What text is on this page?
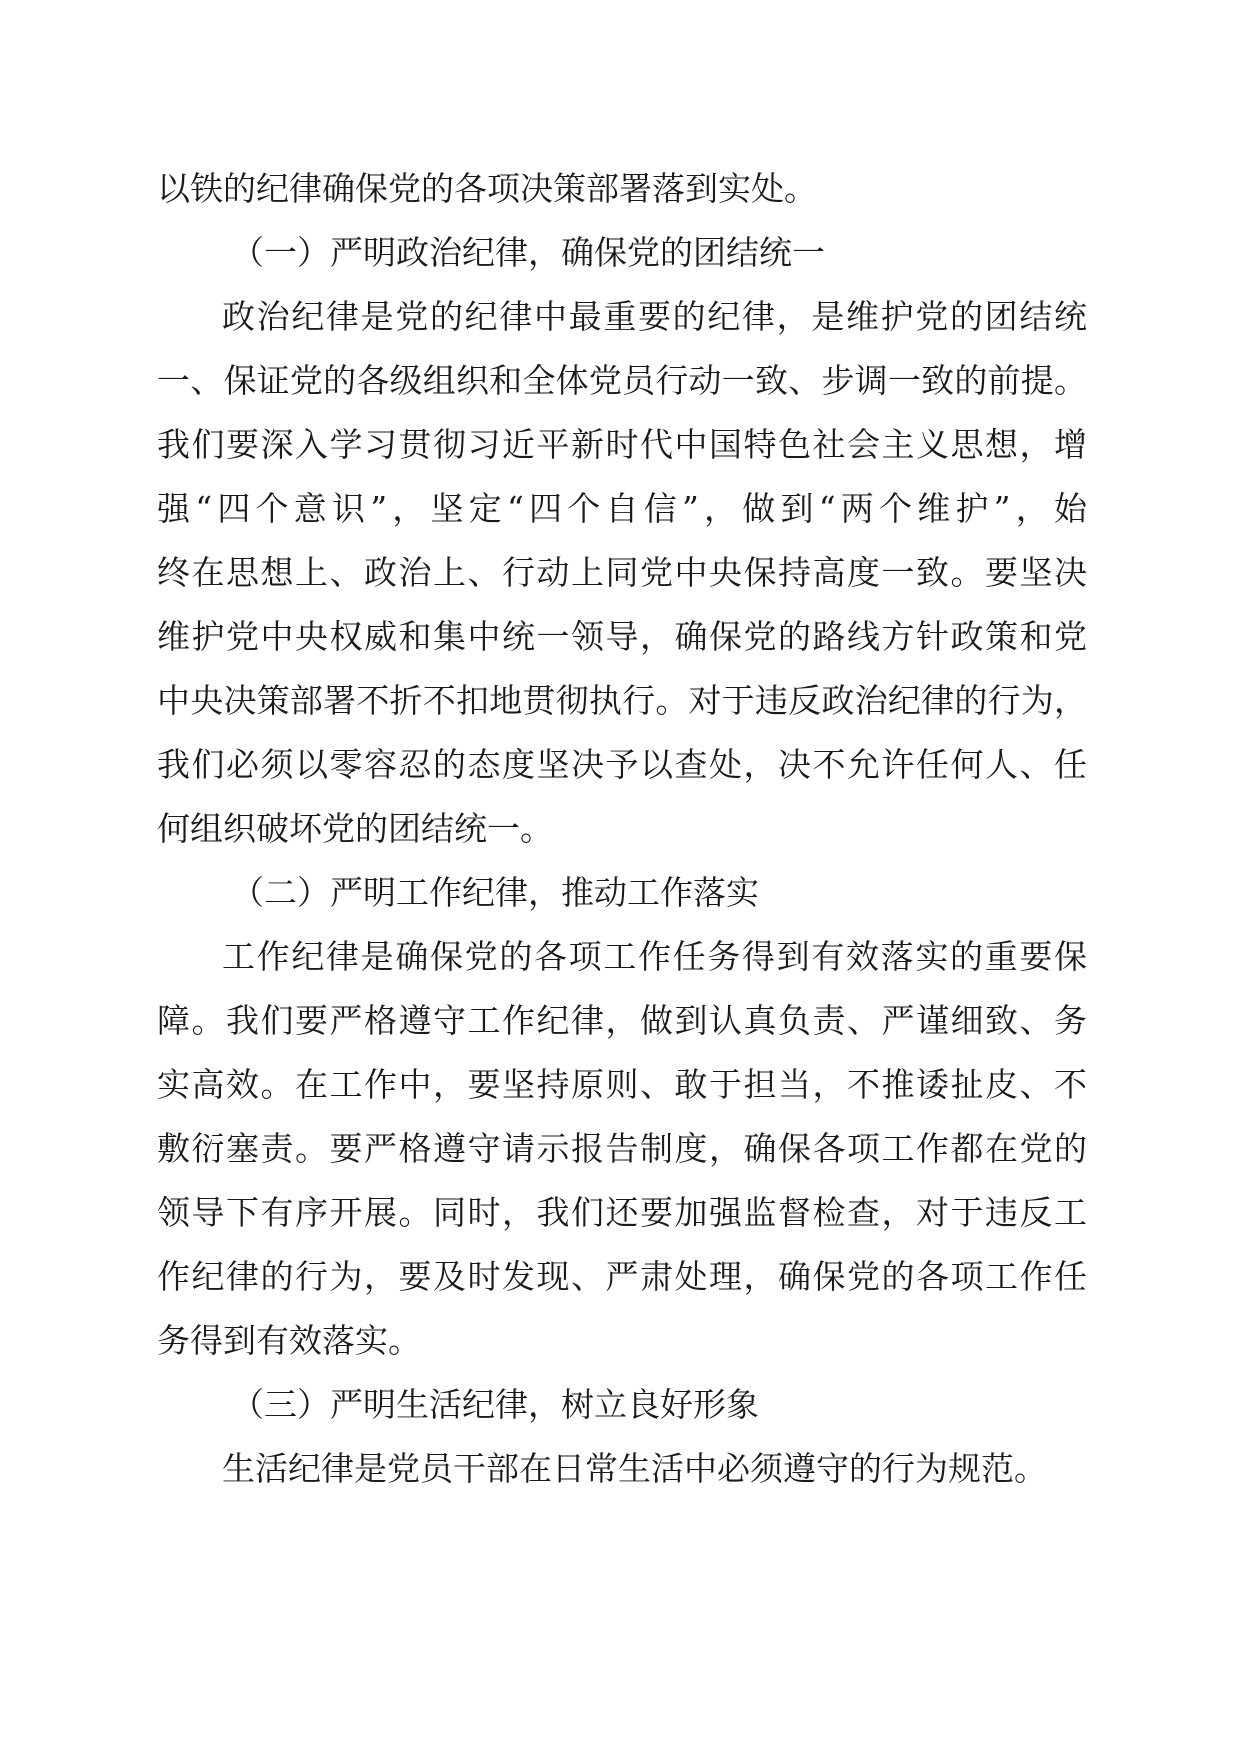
以铁的纪律确保党的各项决策部署落到实处。
（一）严明政治纪律，确保党的团结统一
政治纪律是党的纪律中最重要的纪律，是维护党的团结统
一、保证党的各级组织和全体党员行动一致、步调一致的前提。
我们要深入学习贯彻习近平新时代中国特色社会主义思想，增
强“四个意识”，坚定“四个自信”，做到“两个维护”，始
终在思想上、政治上、行动上同党中央保持高度一致。要坚决
维护党中央权威和集中统一领导，确保党的路线方针政策和党
中央决策部署不折不扣地贯彻执行。对于违反政治纪律的行为，
我们必须以零容忍的态度坚决予以查处，决不允许任何人、任
何组织破坏党的团结统一。
（二）严明工作纪律，推动工作落实
工作纪律是确保党的各项工作任务得到有效落实的重要保
障。我们要严格遵守工作纪律，做到认真负责、严谨细致、务
实高效。在工作中，要坚持原则、敢于担当，不推诿扯皮、不
敷衍塞责。要严格遵守请示报告制度，确保各项工作都在党的
领导下有序开展。同时，我们还要加强监督检查，对于违反工
作纪律的行为，要及时发现、严肃处理，确保党的各项工作任
务得到有效落实。
（三）严明生活纪律，树立良好形象
生活纪律是党员干部在日常生活中必须遵守的行为规范。
